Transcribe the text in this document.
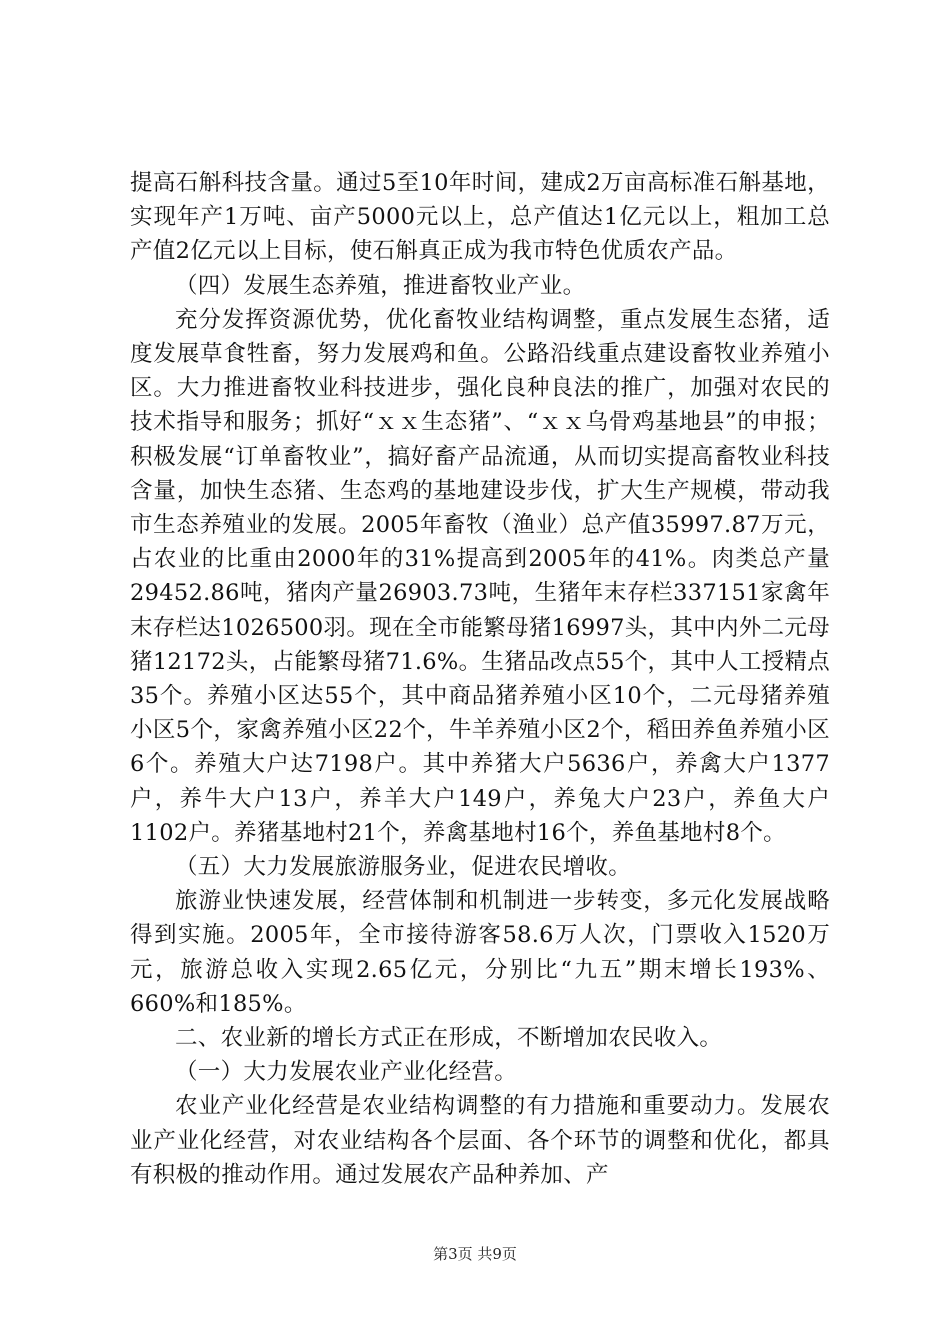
提高石斛科技含量。通过5至10年时间，建成2万亩高标准石斛基地，实现年产1万吨、亩产5000元以上，总产值达1亿元以上，粗加工总产值2亿元以上目标，使石斛真正成为我市特色优质农产品。

（四）发展生态养殖，推进畜牧业产业。

充分发挥资源优势，优化畜牧业结构调整，重点发展生态猪，适度发展草食牲畜，努力发展鸡和鱼。公路沿线重点建设畜牧业养殖小区。大力推进畜牧业科技进步，强化良种良法的推广，加强对农民的技术指导和服务；抓好“ｘｘ生态猪”、“ｘｘ乌骨鸡基地县”的申报；积极发展“订单畜牧业”，搞好畜产品流通，从而切实提高畜牧业科技含量，加快生态猪、生态鸡的基地建设步伐，扩大生产规模，带动我市生态养殖业的发展。2005年畜牧（渔业）总产值35997.87万元，占农业的比重由2000年的31%提高到2005年的41%。肉类总产量29452.86吨，猪肉产量26903.73吨，生猪年末存栏337151家禽年末存栏达1026500羽。现在全市能繁母猪16997头，其中内外二元母猪12172头，占能繁母猪71.6%。生猪品改点55个，其中人工授精点35个。养殖小区达55个，其中商品猪养殖小区10个，二元母猪养殖小区5个，家禽养殖小区22个，牛羊养殖小区2个，稻田养鱼养殖小区6个。养殖大户达7198户。其中养猪大户5636户，养禽大户1377户，养牛大户13户，养羊大户149户，养兔大户23户，养鱼大户1102户。养猪基地村21个，养禽基地村16个，养鱼基地村8个。

（五）大力发展旅游服务业，促进农民增收。

旅游业快速发展，经营体制和机制进一步转变，多元化发展战略得到实施。2005年，全市接待游客58.6万人次，门票收入1520万元，旅游总收入实现2.65亿元，分别比“九五”期末增长193%、660%和185%。

二、农业新的增长方式正在形成，不断增加农民收入。

（一）大力发展农业产业化经营。

农业产业化经营是农业结构调整的有力措施和重要动力。发展农业产业化经营，对农业结构各个层面、各个环节的调整和优化，都具有积极的推动作用。通过发展农产品种养加、产

第3页 共9页
